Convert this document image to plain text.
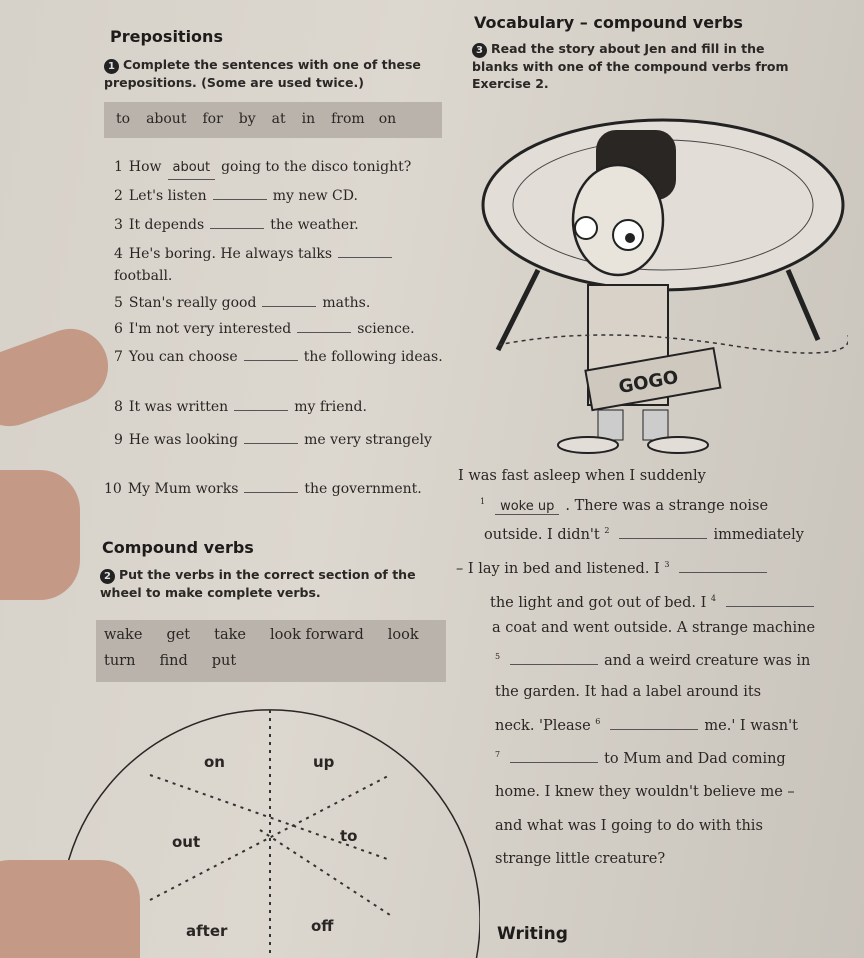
Prepositions
1 Complete the sentences with one of these prepositions. (Some are used twice.)
to about for by at in from on
1 How about going to the disco tonight?
2 Let's listen	my new CD.
3 It depends	the weather.
4 He's boring. He always talksfootball.
5 Stan's really good	maths.
6 I'm not very interested	science.
7 You can choose	the following ideas.
8 It was written	my friend.
9 He was looking	me very strangely
10 My Mum works	the government.
Compound verbs
2 Put the verbs in the correct section of the wheel to make complete verbs.
wake get take look forward look
turn find put
on	up
out	to
after	off
Vocabulary – compound verbs
3 Read the story about Jen and fill in the blanks with one of the compound verbs from Exercise 2.
GOGO
I was fast asleep when I suddenly
$^1$ woke up . There was a strange noise
outside. I didn't $^2$	immediately
– I lay in bed and listened. I $^3$
the light and got out of bed. I $^4$
a coat and went outside. A strange machine
$^5$	and a weird creature was in
the garden. It had a label around its
neck. 'Please $^6$	me.' I wasn't
$^7$	to Mum and Dad coming
home. I knew they wouldn't believe me –
and what was I going to do with this
strange little creature?
Writing
